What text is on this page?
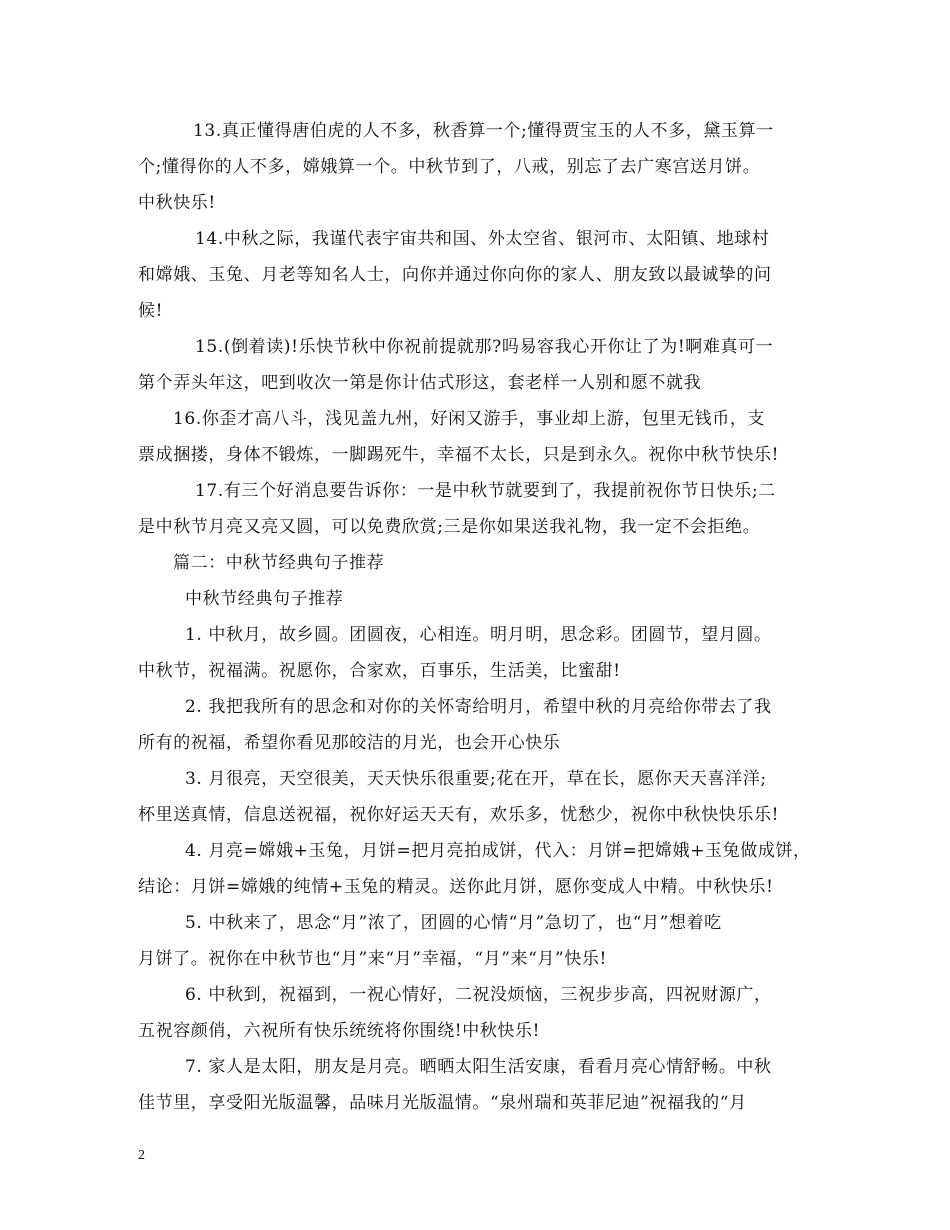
13.真正懂得唐伯虎的人不多，秋香算一个;懂得贾宝玉的人不多，黛玉算一
个;懂得你的人不多，嫦娥算一个。中秋节到了，八戒，别忘了去广寒宫送月饼。
中秋快乐!
14.中秋之际，我谨代表宇宙共和国、外太空省、银河市、太阳镇、地球村
和嫦娥、玉兔、月老等知名人士，向你并通过你向你的家人、朋友致以最诚挚的问
候!
15.(倒着读)!乐快节秋中你祝前提就那?吗易容我心开你让了为!啊难真可一
第个弄头年这，吧到收次一第是你计估式形这，套老样一人别和愿不就我
16.你歪才高八斗，浅见盖九州，好闲又游手，事业却上游，包里无钱币，支
票成捆搂，身体不锻炼，一脚踢死牛，幸福不太长，只是到永久。祝你中秋节快乐!
17.有三个好消息要告诉你：一是中秋节就要到了，我提前祝你节日快乐;二
是中秋节月亮又亮又圆，可以免费欣赏;三是你如果送我礼物，我一定不会拒绝。
篇二：中秋节经典句子推荐
中秋节经典句子推荐
1. 中秋月，故乡圆。团圆夜，心相连。明月明，思念彩。团圆节，望月圆。
中秋节，祝福满。祝愿你，合家欢，百事乐，生活美，比蜜甜!
2. 我把我所有的思念和对你的关怀寄给明月，希望中秋的月亮给你带去了我
所有的祝福，希望你看见那皎洁的月光，也会开心快乐
3. 月很亮，天空很美，天天快乐很重要;花在开，草在长，愿你天天喜洋洋;
杯里送真情，信息送祝福，祝你好运天天有，欢乐多，忧愁少，祝你中秋快快乐乐!
4. 月亮=嫦娥+玉兔，月饼=把月亮拍成饼，代入：月饼=把嫦娥+玉兔做成饼，
结论：月饼=嫦娥的纯情+玉兔的精灵。送你此月饼，愿你变成人中精。中秋快乐!
5. 中秋来了，思念“月”浓了，团圆的心情“月”急切了，也“月”想着吃
月饼了。祝你在中秋节也“月”来“月”幸福，“月”来“月”快乐!
6. 中秋到，祝福到，一祝心情好，二祝没烦恼，三祝步步高，四祝财源广，
五祝容颜俏，六祝所有快乐统统将你围绕!中秋快乐!
7. 家人是太阳，朋友是月亮。晒晒太阳生活安康，看看月亮心情舒畅。中秋
佳节里，享受阳光版温馨，品味月光版温情。“泉州瑞和英菲尼迪”祝福我的“月
2
